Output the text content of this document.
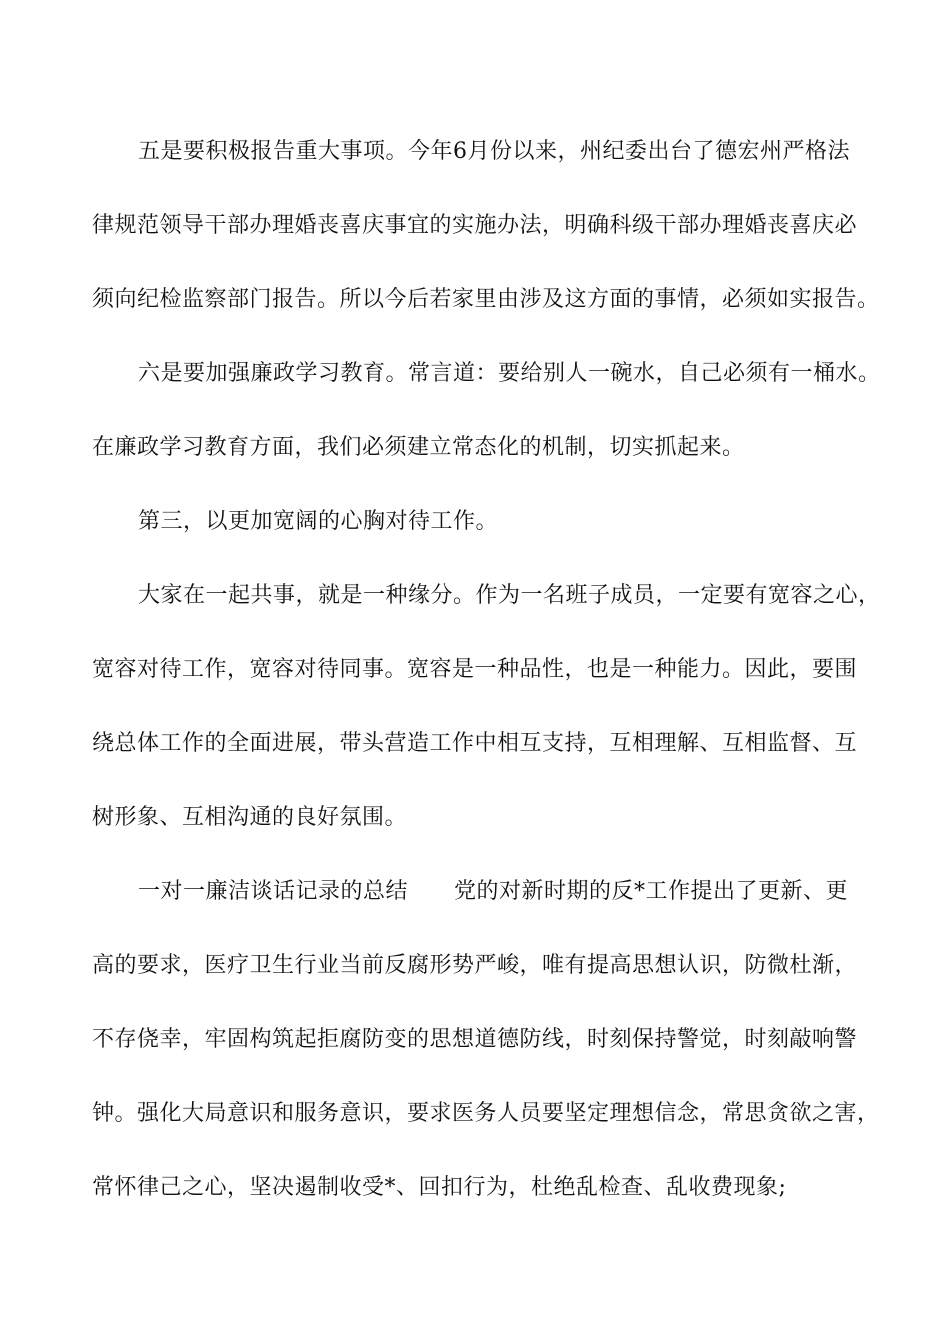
五是要积极报告重大事项。今年6月份以来，州纪委出台了德宏州严格法

律规范领导干部办理婚丧喜庆事宜的实施办法，明确科级干部办理婚丧喜庆必

须向纪检监察部门报告。所以今后若家里由涉及这方面的事情，必须如实报告。

六是要加强廉政学习教育。常言道：要给别人一碗水，自己必须有一桶水。

在廉政学习教育方面，我们必须建立常态化的机制，切实抓起来。

第三，以更加宽阔的心胸对待工作。

大家在一起共事，就是一种缘分。作为一名班子成员，一定要有宽容之心，

宽容对待工作，宽容对待同事。宽容是一种品性，也是一种能力。因此，要围

绕总体工作的全面进展，带头营造工作中相互支持，互相理解、互相监督、互

树形象、互相沟通的良好氛围。

一对一廉洁谈话记录的总结 党的对新时期的反*工作提出了更新、更

高的要求，医疗卫生行业当前反腐形势严峻，唯有提高思想认识，防微杜渐，

不存侥幸，牢固构筑起拒腐防变的思想道德防线，时刻保持警觉，时刻敲响警

钟。强化大局意识和服务意识，要求医务人员要坚定理想信念，常思贪欲之害，

常怀律己之心，坚决遏制收受*、回扣行为，杜绝乱检查、乱收费现象;
